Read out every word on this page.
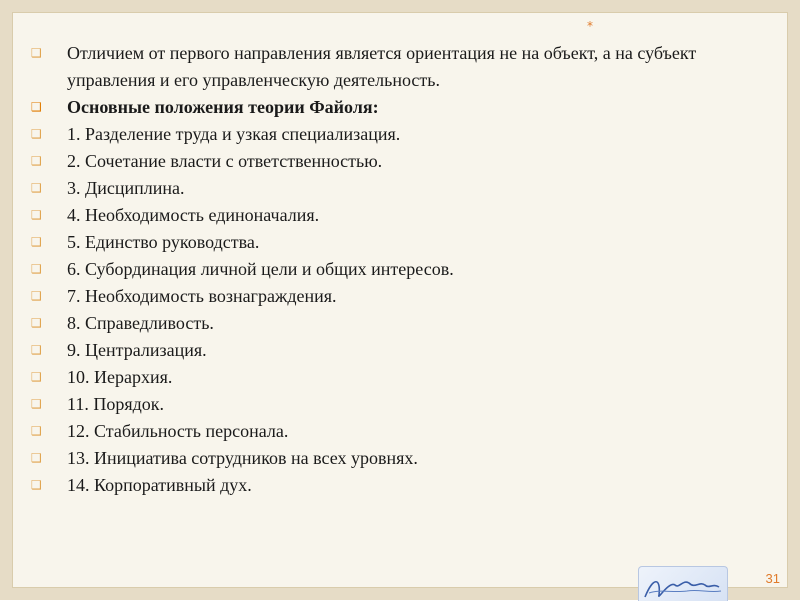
*
❑ Отличием от первого направления является ориентация не на объект, а на субъект управления и его управленческую деятельность.
❑ Основные положения теории Файоля:
❑ 1. Разделение труда и узкая специализация.
❑ 2. Сочетание власти с ответственностью.
❑ 3. Дисциплина.
❑ 4. Необходимость единоначалия.
❑ 5. Единство руководства.
❑ 6. Субординация личной цели и общих интересов.
❑ 7. Необходимость вознаграждения.
❑ 8. Справедливость.
❑ 9. Централизация.
❑ 10. Иерархия.
❑ 11. Порядок.
❑ 12. Стабильность персонала.
❑ 13. Инициатива сотрудников на всех уровнях.
❑ 14. Корпоративный дух.
31
